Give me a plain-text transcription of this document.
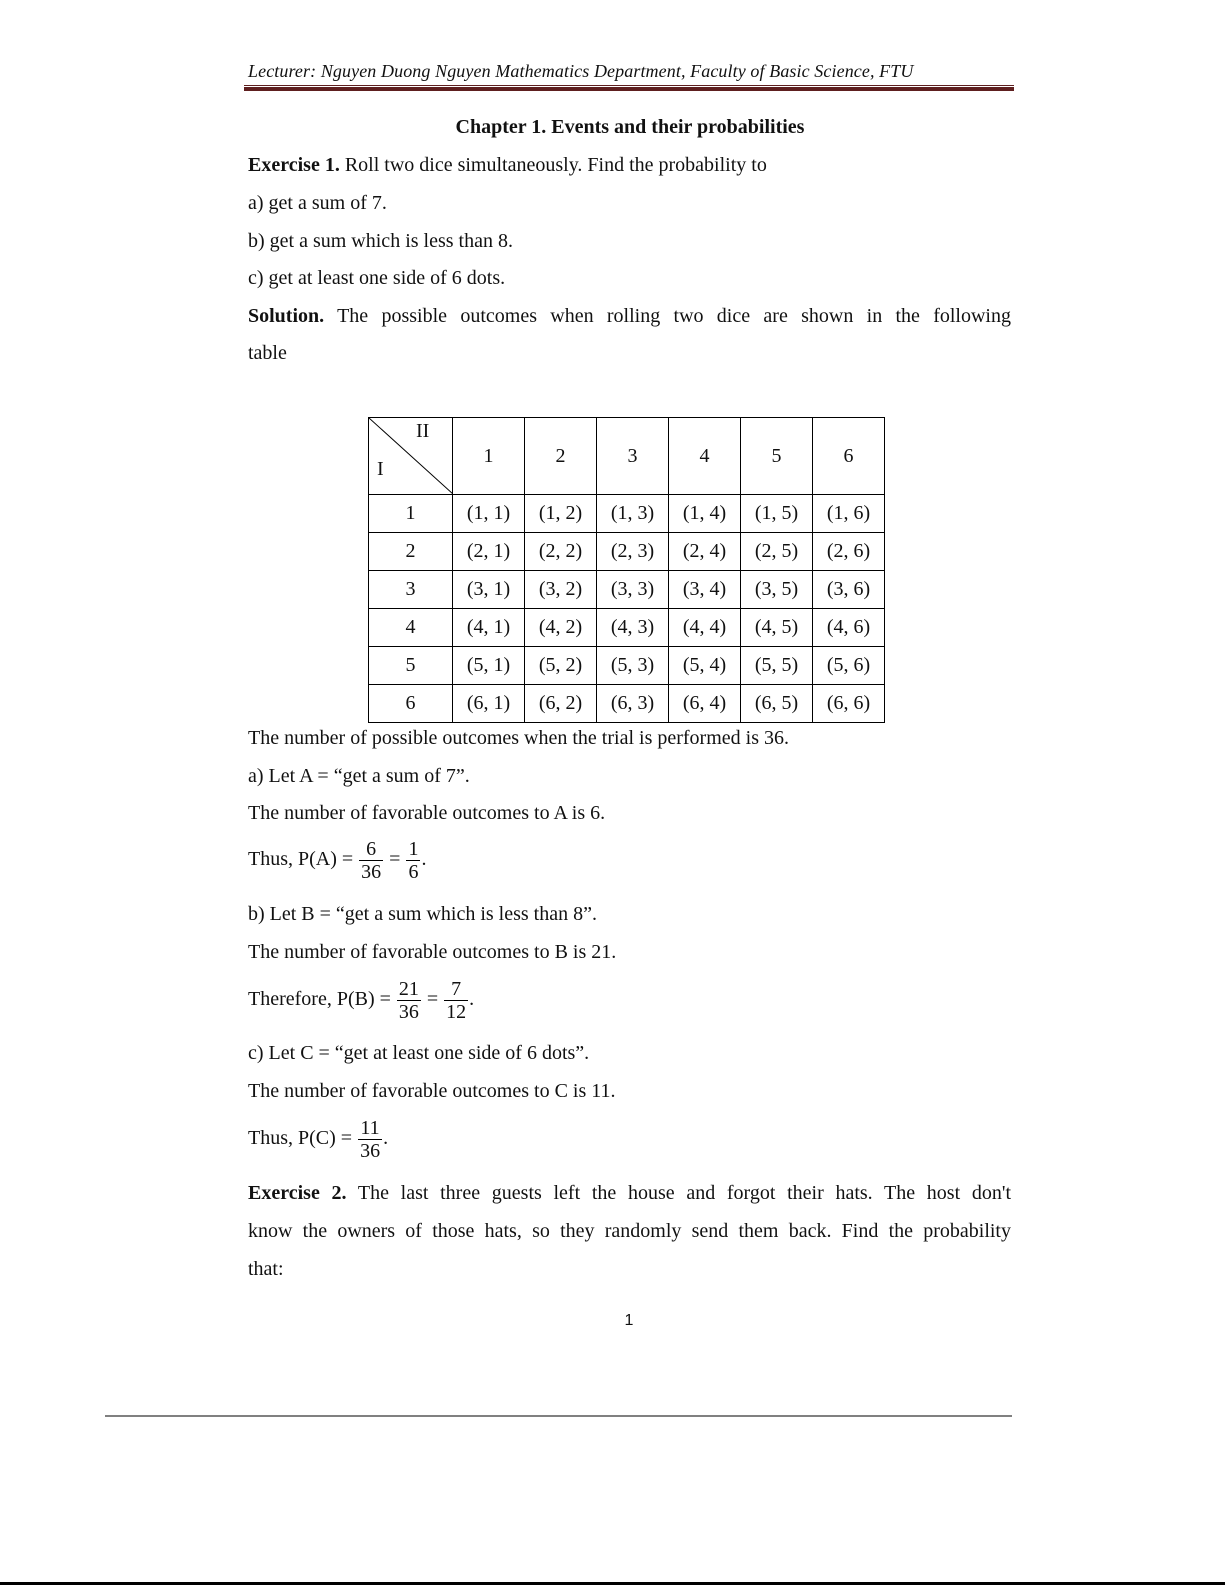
Lecturer: Nguyen Duong Nguyen Mathematics Department, Faculty of Basic Science, FTU
Chapter 1. Events and their probabilities
Exercise 1. Roll two dice simultaneously. Find the probability to
a) get a sum of 7.
b) get a sum which is less than 8.
c) get at least one side of 6 dots.
Solution. The possible outcomes when rolling two dice are shown in the following
table
II
I	1	2	3	4	5	6
1	(1, 1)	(1, 2)	(1, 3)	(1, 4)	(1, 5)	(1, 6)
2	(2, 1)	(2, 2)	(2, 3)	(2, 4)	(2, 5)	(2, 6)
3	(3, 1)	(3, 2)	(3, 3)	(3, 4)	(3, 5)	(3, 6)
4	(4, 1)	(4, 2)	(4, 3)	(4, 4)	(4, 5)	(4, 6)
5	(5, 1)	(5, 2)	(5, 3)	(5, 4)	(5, 5)	(5, 6)
6	(6, 1)	(6, 2)	(6, 3)	(6, 4)	(6, 5)	(6, 6)
The number of possible outcomes when the trial is performed is 36.
a) Let A = “get a sum of 7”.
The number of favorable outcomes to A is 6.
Thus, $P(A) = \frac{6}{36} = \frac{1}{6}$ .
b) Let B = “get a sum which is less than 8”.
The number of favorable outcomes to B is 21.
Therefore, $P(B) = \frac{21}{36} = \frac{7}{12}$ .
c) Let C = “get at least one side of 6 dots”.
The number of favorable outcomes to C is 11.
Thus, $P(C) = \frac{11}{36}$ .
Exercise 2. The last three guests left the house and forgot their hats. The host don't
know the owners of those hats, so they randomly send them back. Find the probability
that:
1
